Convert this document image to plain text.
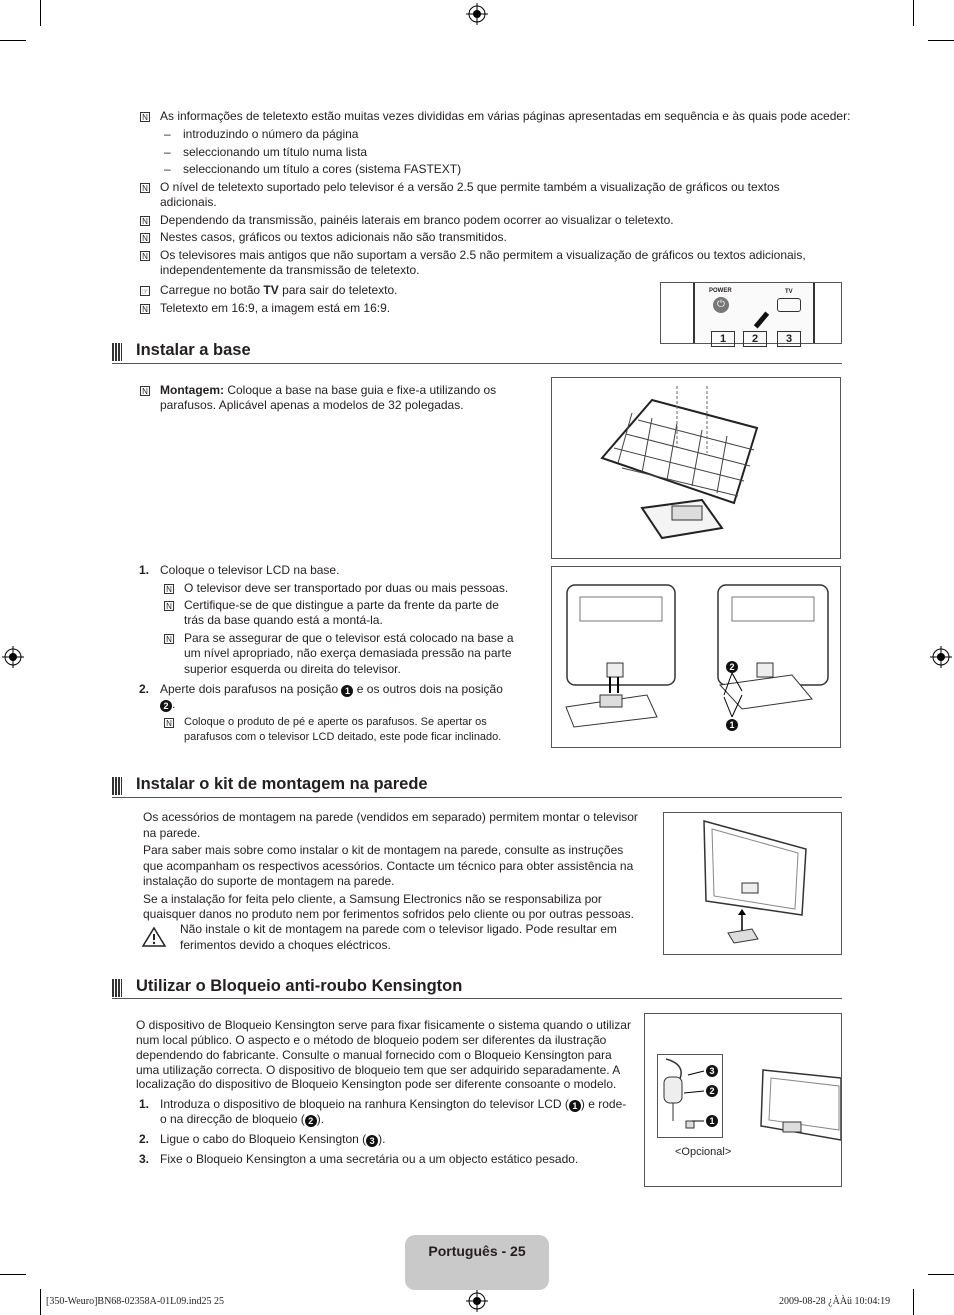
N As informações de teletexto estão muitas vezes divididas em várias páginas apresentadas em sequência e às quais pode aceder:
– introduzindo o número da página
– seleccionando um título numa lista
– seleccionando um título a cores (sistema FASTEXT)
N O nível de teletexto suportado pelo televisor é a versão 2.5 que permite também a visualização de gráficos ou textos
adicionais.
N Dependendo da transmissão, painéis laterais em branco podem ocorrer ao visualizar o teletexto.
N Nestes casos, gráficos ou textos adicionais não são transmitidos.
N Os televisores mais antigos que não suportam a versão 2.5 não permitem a visualização de gráficos ou textos adicionais,
independentemente da transmissão de teletexto.
☞ Carregue no botão TV para sair do teletexto.
N Teletexto em 16:9, a imagem está em 16:9.
POWER
⏻
TV
1	2	3
Instalar a base
N Montagem: Coloque a base na base guia e fixe-a utilizando os
parafusos. Aplicável apenas a modelos de 32 polegadas.
1. Coloque o televisor LCD na base.
N O televisor deve ser transportado por duas ou mais pessoas.
N Certifique-se de que distingue a parte da frente da parte de
trás da base quando está a montá-la.
N Para se assegurar de que o televisor está colocado na base a
um nível apropriado, não exerça demasiada pressão na parte
superior esquerda ou direita do televisor.
2. Aperte dois parafusos na posição 1 e os outros dois na posição
2 .
N Coloque o produto de pé e aperte os parafusos. Se apertar os
parafusos com o televisor LCD deitado, este pode ficar inclinado.
2
1
Instalar o kit de montagem na parede
Os acessórios de montagem na parede (vendidos em separado) permitem montar o televisor
na parede.
Para saber mais sobre como instalar o kit de montagem na parede, consulte as instruções
que acompanham os respectivos acessórios. Contacte um técnico para obter assistência na
instalação do suporte de montagem na parede.
Se a instalação for feita pelo cliente, a Samsung Electronics não se responsabiliza por
quaisquer danos no produto nem por ferimentos sofridos pelo cliente ou por outras pessoas.
Não instale o kit de montagem na parede com o televisor ligado. Pode resultar em
ferimentos devido a choques eléctricos.
Utilizar o Bloqueio anti-roubo Kensington
O dispositivo de Bloqueio Kensington serve para fixar fisicamente o sistema quando o utilizar
num local público. O aspecto e o método de bloqueio podem ser diferentes da ilustração
dependendo do fabricante. Consulte o manual fornecido com o Bloqueio Kensington para
uma utilização correcta. O dispositivo de bloqueio tem que ser adquirido separadamente. A
localização do dispositivo de Bloqueio Kensington pode ser diferente consoante o modelo.
1. Introduza o dispositivo de bloqueio na ranhura Kensington do televisor LCD ( 1 ) e rode-
o na direcção de bloqueio ( 2 ).
2. Ligue o cabo do Bloqueio Kensington ( 3 ).
3. Fixe o Bloqueio Kensington a uma secretária ou a um objecto estático pesado.
3
2
1
<Opcional>
Português - 25
[350-Weuro]BN68-02358A-01L09.ind25 25	2009-08-28 ¿ÀÀü 10:04:19
